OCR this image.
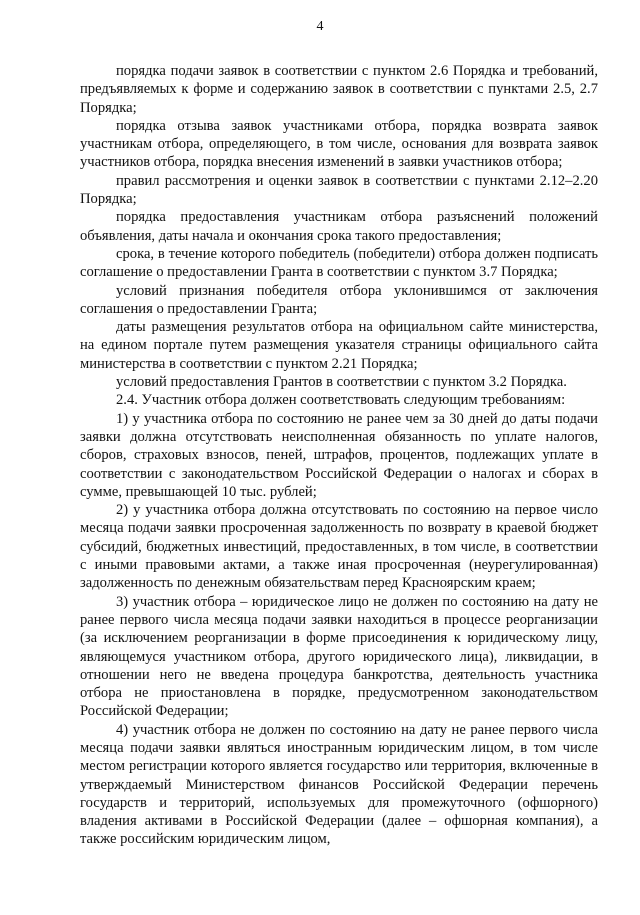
4

порядка подачи заявок в соответствии с пунктом 2.6 Порядка и требований, предъявляемых к форме и содержанию заявок в соответствии с пунктами 2.5, 2.7 Порядка;

порядка отзыва заявок участниками отбора, порядка возврата заявок участникам отбора, определяющего, в том числе, основания для возврата заявок участников отбора, порядка внесения изменений в заявки участников отбора;

правил рассмотрения и оценки заявок в соответствии с пунктами 2.12–2.20 Порядка;

порядка предоставления участникам отбора разъяснений положений объявления, даты начала и окончания срока такого предоставления;

срока, в течение которого победитель (победители) отбора должен подписать соглашение о предоставлении Гранта в соответствии с пунктом 3.7 Порядка;

условий признания победителя отбора уклонившимся от заключения соглашения о предоставлении Гранта;

даты размещения результатов отбора на официальном сайте министерства, на едином портале путем размещения указателя страницы официального сайта министерства в соответствии с пунктом 2.21 Порядка;

условий предоставления Грантов в соответствии с пунктом 3.2 Порядка.

2.4. Участник отбора должен соответствовать следующим требованиям:

1) у участника отбора по состоянию не ранее чем за 30 дней до даты подачи заявки должна отсутствовать неисполненная обязанность по уплате налогов, сборов, страховых взносов, пеней, штрафов, процентов, подлежащих уплате в соответствии с законодательством Российской Федерации о налогах и сборах в сумме, превышающей 10 тыс. рублей;

2) у участника отбора должна отсутствовать по состоянию на первое число месяца подачи заявки просроченная задолженность по возврату в краевой бюджет субсидий, бюджетных инвестиций, предоставленных, в том числе, в соответствии с иными правовыми актами, а также иная просроченная (неурегулированная) задолженность по денежным обязательствам перед Красноярским краем;

3) участник отбора – юридическое лицо не должен по состоянию на дату не ранее первого числа месяца подачи заявки находиться в процессе реорганизации (за исключением реорганизации в форме присоединения к юридическому лицу, являющемуся участником отбора, другого юридического лица), ликвидации, в отношении него не введена процедура банкротства, деятельность участника отбора не приостановлена в порядке, предусмотренном законодательством Российской Федерации;

4) участник отбора не должен по состоянию на дату не ранее первого числа месяца подачи заявки являться иностранным юридическим лицом, в том числе местом регистрации которого является государство или территория, включенные в утверждаемый Министерством финансов Российской Федерации перечень государств и территорий, используемых для промежуточного (офшорного) владения активами в Российской Федерации (далее – офшорная компания), а также российским юридическим лицом,
